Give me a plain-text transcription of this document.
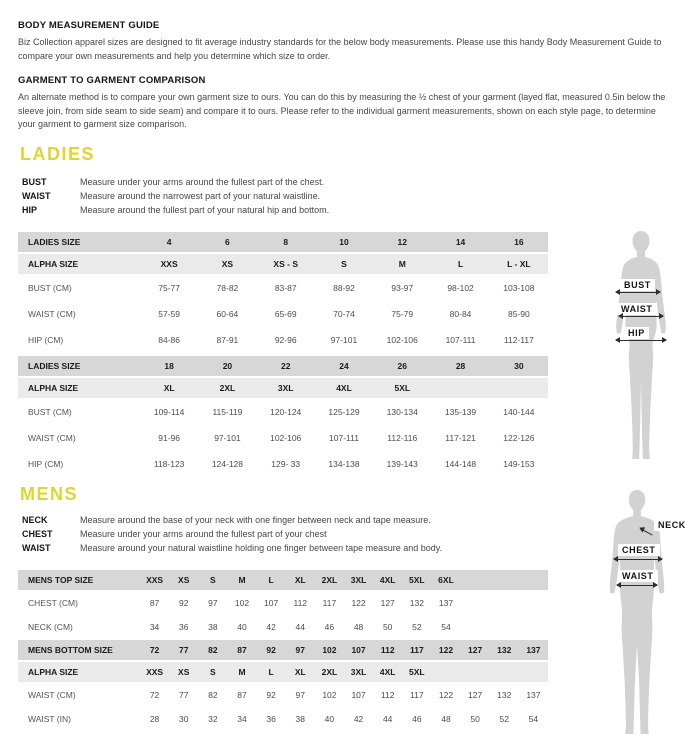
BODY MEASUREMENT GUIDE

Biz Collection apparel sizes are designed to fit average industry standards for the below body measurements. Please use this handy Body Measurement Guide to compare your own measurements and help you determine which size to order.

GARMENT TO GARMENT COMPARISON

An alternate method is to compare your own garment size to ours. You can do this by measuring the ½ chest of your garment (layed flat, measured 0.5in below the sleeve join, from side seam to side seam) and compare it to ours. Please refer to the individual garment measurements, shown on each style page, to determine your garment to garment size comparison.

LADIES
BUST	Measure under your arms around the fullest part of the chest.
WAIST	Measure around the narrowest part of your natural waistline.
HIP	Measure around the fullest part of your natural hip and bottom.
LADIES SIZE	4	6	8	10	12	14	16
ALPHA SIZE	XXS	XS	XS - S	S	M	L	L - XL
BUST (CM)	75-77	78-82	83-87	88-92	93-97	98-102	103-108
WAIST (CM)	57-59	60-64	65-69	70-74	75-79	80-84	85-90
HIP (CM)	84-86	87-91	92-96	97-101	102-106	107-111	112-117
LADIES SIZE	18	20	22	24	26	28	30
ALPHA SIZE	XL	2XL	3XL	4XL	5XL		
BUST (CM)	109-114	115-119	120-124	125-129	130-134	135-139	140-144
WAIST (CM)	91-96	97-101	102-106	107-111	112-116	117-121	122-126
HIP (CM)	118-123	124-128	129- 33	134-138	139-143	144-148	149-153
BUST
WAIST
HIP
MENS
NECK	Measure around the base of your neck with one finger between neck and tape measure.
CHEST	Measure under your arms around the fullest part of your chest
WAIST	Measure around your natural waistline holding one finger between tape measure and body.
MENS TOP SIZE	XXS	XS	S	M	L	XL	2XL	3XL	4XL	5XL	6XL			
CHEST (CM)	87	92	97	102	107	112	117	122	127	132	137			
NECK (CM)	34	36	38	40	42	44	46	48	50	52	54			
MENS BOTTOM SIZE	72	77	82	87	92	97	102	107	112	117	122	127	132	137
ALPHA SIZE	XXS	XS	S	M	L	XL	2XL	3XL	4XL	5XL				
WAIST (CM)	72	77	82	87	92	97	102	107	112	117	122	127	132	137
WAIST (IN)	28	30	32	34	36	38	40	42	44	46	48	50	52	54
NECK
CHEST
WAIST
